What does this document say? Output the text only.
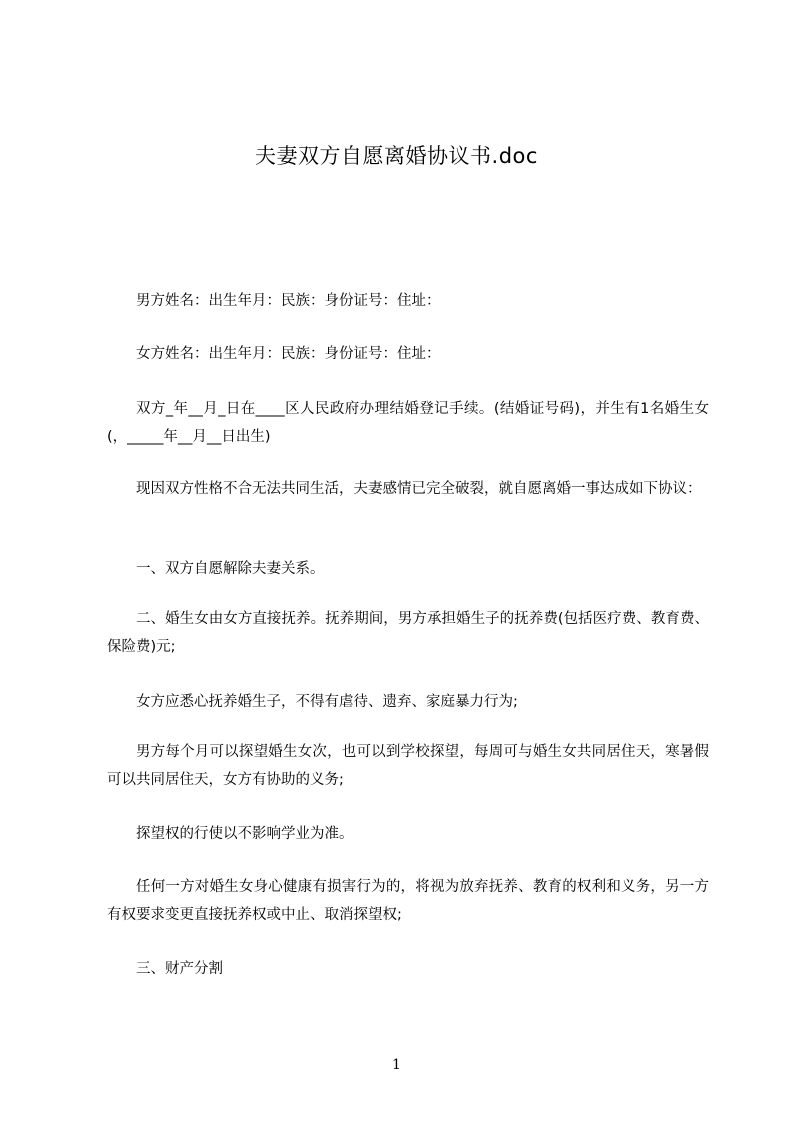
夫妻双方自愿离婚协议书.doc
男方姓名：出生年月：民族：身份证号：住址：
女方姓名：出生年月：民族：身份证号：住址：
双方_年__月_日在____区人民政府办理结婚登记手续。(结婚证号码)，并生有1名婚生女(，_____年__月__日出生)
现因双方性格不合无法共同生活，夫妻感情已完全破裂，就自愿离婚一事达成如下协议：
一、双方自愿解除夫妻关系。
二、婚生女由女方直接抚养。抚养期间，男方承担婚生子的抚养费(包括医疗费、教育费、保险费)元;
女方应悉心抚养婚生子，不得有虐待、遗弃、家庭暴力行为;
男方每个月可以探望婚生女次，也可以到学校探望，每周可与婚生女共同居住天，寒暑假可以共同居住天，女方有协助的义务;
探望权的行使以不影响学业为准。
任何一方对婚生女身心健康有损害行为的，将视为放弃抚养、教育的权利和义务，另一方有权要求变更直接抚养权或中止、取消探望权;
三、财产分割
1
